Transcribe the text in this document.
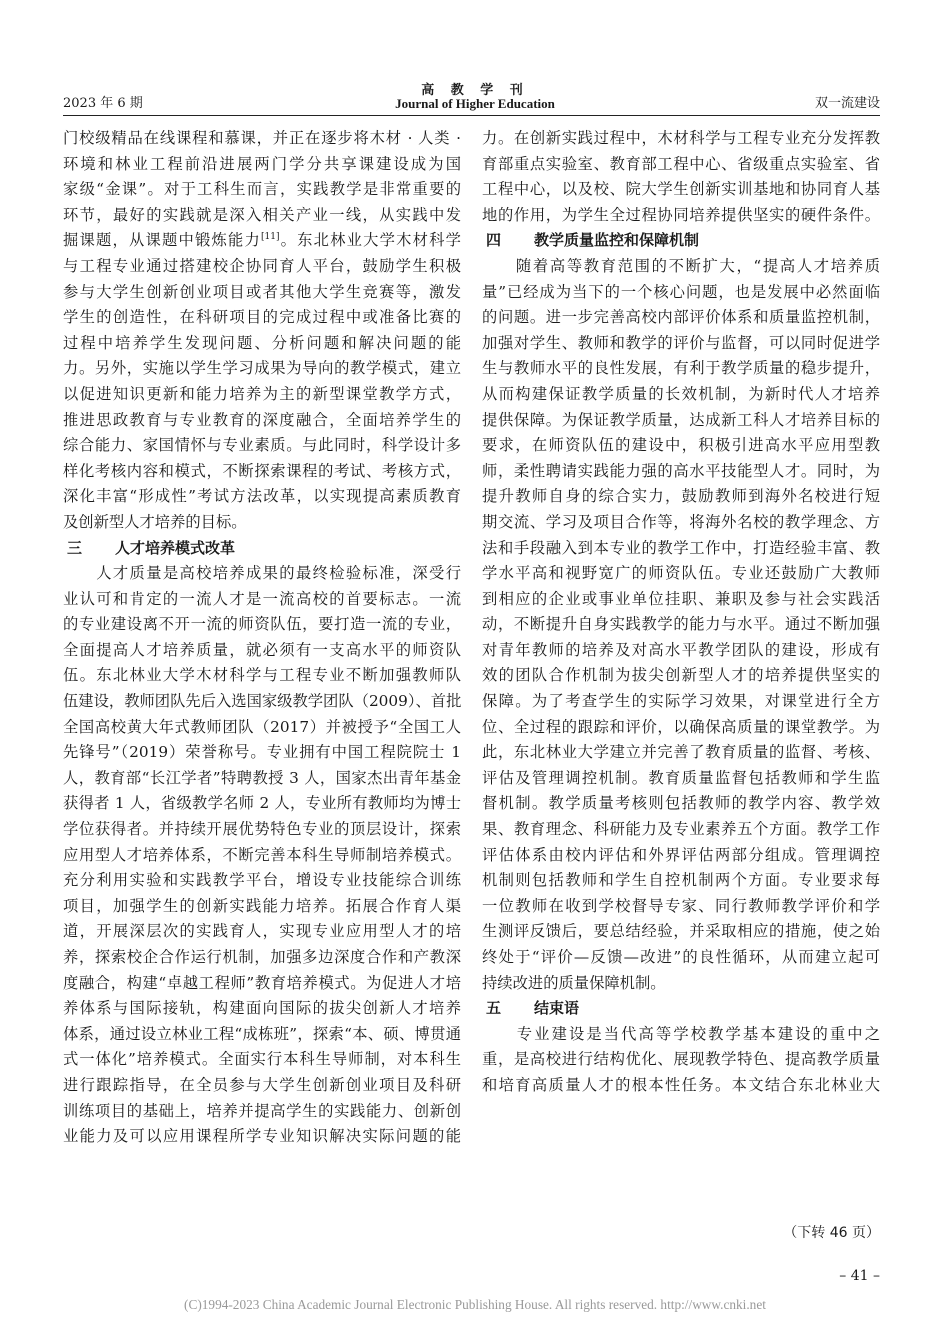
高 教 学 刊
2023 年 6 期	Journal of Higher Education	双一流建设
门校级精品在线课程和慕课，并正在逐步将木材 · 人类 ·
环境和林业工程前沿进展两门学分共享课建设成为国
家级“金课”。对于工科生而言，实践教学是非常重要的
环节，最好的实践就是深入相关产业一线，从实践中发
掘课题，从课题中锻炼能力[11]。东北林业大学木材科学
与工程专业通过搭建校企协同育人平台，鼓励学生积极
参与大学生创新创业项目或者其他大学生竞赛等，激发
学生的创造性，在科研项目的完成过程中或准备比赛的
过程中培养学生发现问题、分析问题和解决问题的能
力。另外，实施以学生学习成果为导向的教学模式，建立
以促进知识更新和能力培养为主的新型课堂教学方式，
推进思政教育与专业教育的深度融合，全面培养学生的
综合能力、家国情怀与专业素质。与此同时，科学设计多
样化考核内容和模式，不断探索课程的考试、考核方式，
深化丰富“形成性”考试方法改革，以实现提高素质教育
及创新型人才培养的目标。
三 人才培养模式改革
　　人才质量是高校培养成果的最终检验标准，深受行
业认可和肯定的一流人才是一流高校的首要标志。一流
的专业建设离不开一流的师资队伍，要打造一流的专业，
全面提高人才培养质量，就必须有一支高水平的师资队
伍。东北林业大学木材科学与工程专业不断加强教师队
伍建设，教师团队先后入选国家级教学团队（2009）、首批
全国高校黄大年式教师团队（2017）并被授予“全国工人
先锋号”（2019）荣誉称号。专业拥有中国工程院院士 1
人，教育部“长江学者”特聘教授 3 人，国家杰出青年基金
获得者 1 人，省级教学名师 2 人，专业所有教师均为博士
学位获得者。并持续开展优势特色专业的顶层设计，探索
应用型人才培养体系，不断完善本科生导师制培养模式。
充分利用实验和实践教学平台，增设专业技能综合训练
项目，加强学生的创新实践能力培养。拓展合作育人渠
道，开展深层次的实践育人，实现专业应用型人才的培
养，探索校企合作运行机制，加强多边深度合作和产教深
度融合，构建“卓越工程师”教育培养模式。为促进人才培
养体系与国际接轨，构建面向国际的拔尖创新人才培养
体系，通过设立林业工程“成栋班”，探索“本、硕、博贯通
式一体化”培养模式。全面实行本科生导师制，对本科生
进行跟踪指导，在全员参与大学生创新创业项目及科研
训练项目的基础上，培养并提高学生的实践能力、创新创
业能力及可以应用课程所学专业知识解决实际问题的能
力。在创新实践过程中，木材科学与工程专业充分发挥教
育部重点实验室、教育部工程中心、省级重点实验室、省
工程中心，以及校、院大学生创新实训基地和协同育人基
地的作用，为学生全过程协同培养提供坚实的硬件条件。
四 教学质量监控和保障机制
　　随着高等教育范围的不断扩大，“提高人才培养质
量”已经成为当下的一个核心问题，也是发展中必然面临
的问题。进一步完善高校内部评价体系和质量监控机制，
加强对学生、教师和教学的评价与监督，可以同时促进学
生与教师水平的良性发展，有利于教学质量的稳步提升，
从而构建保证教学质量的长效机制，为新时代人才培养
提供保障。为保证教学质量，达成新工科人才培养目标的
要求，在师资队伍的建设中，积极引进高水平应用型教
师，柔性聘请实践能力强的高水平技能型人才。同时，为
提升教师自身的综合实力，鼓励教师到海外名校进行短
期交流、学习及项目合作等，将海外名校的教学理念、方
法和手段融入到本专业的教学工作中，打造经验丰富、教
学水平高和视野宽广的师资队伍。专业还鼓励广大教师
到相应的企业或事业单位挂职、兼职及参与社会实践活
动，不断提升自身实践教学的能力与水平。通过不断加强
对青年教师的培养及对高水平教学团队的建设，形成有
效的团队合作机制为拔尖创新型人才的培养提供坚实的
保障。为了考查学生的实际学习效果，对课堂进行全方
位、全过程的跟踪和评价，以确保高质量的课堂教学。为
此，东北林业大学建立并完善了教育质量的监督、考核、
评估及管理调控机制。教育质量监督包括教师和学生监
督机制。教学质量考核则包括教师的教学内容、教学效
果、教育理念、科研能力及专业素养五个方面。教学工作
评估体系由校内评估和外界评估两部分组成。管理调控
机制则包括教师和学生自控机制两个方面。专业要求每
一位教师在收到学校督导专家、同行教师教学评价和学
生测评反馈后，要总结经验，并采取相应的措施，使之始
终处于“评价—反馈—改进”的良性循环，从而建立起可
持续改进的质量保障机制。
五 结束语
　　专业建设是当代高等学校教学基本建设的重中之
重，是高校进行结构优化、展现教学特色、提高教学质量
和培育高质量人才的根本性任务。本文结合东北林业大
（下转 46 页）
– 41 –
(C)1994-2023 China Academic Journal Electronic Publishing House. All rights reserved. http://www.cnki.net
